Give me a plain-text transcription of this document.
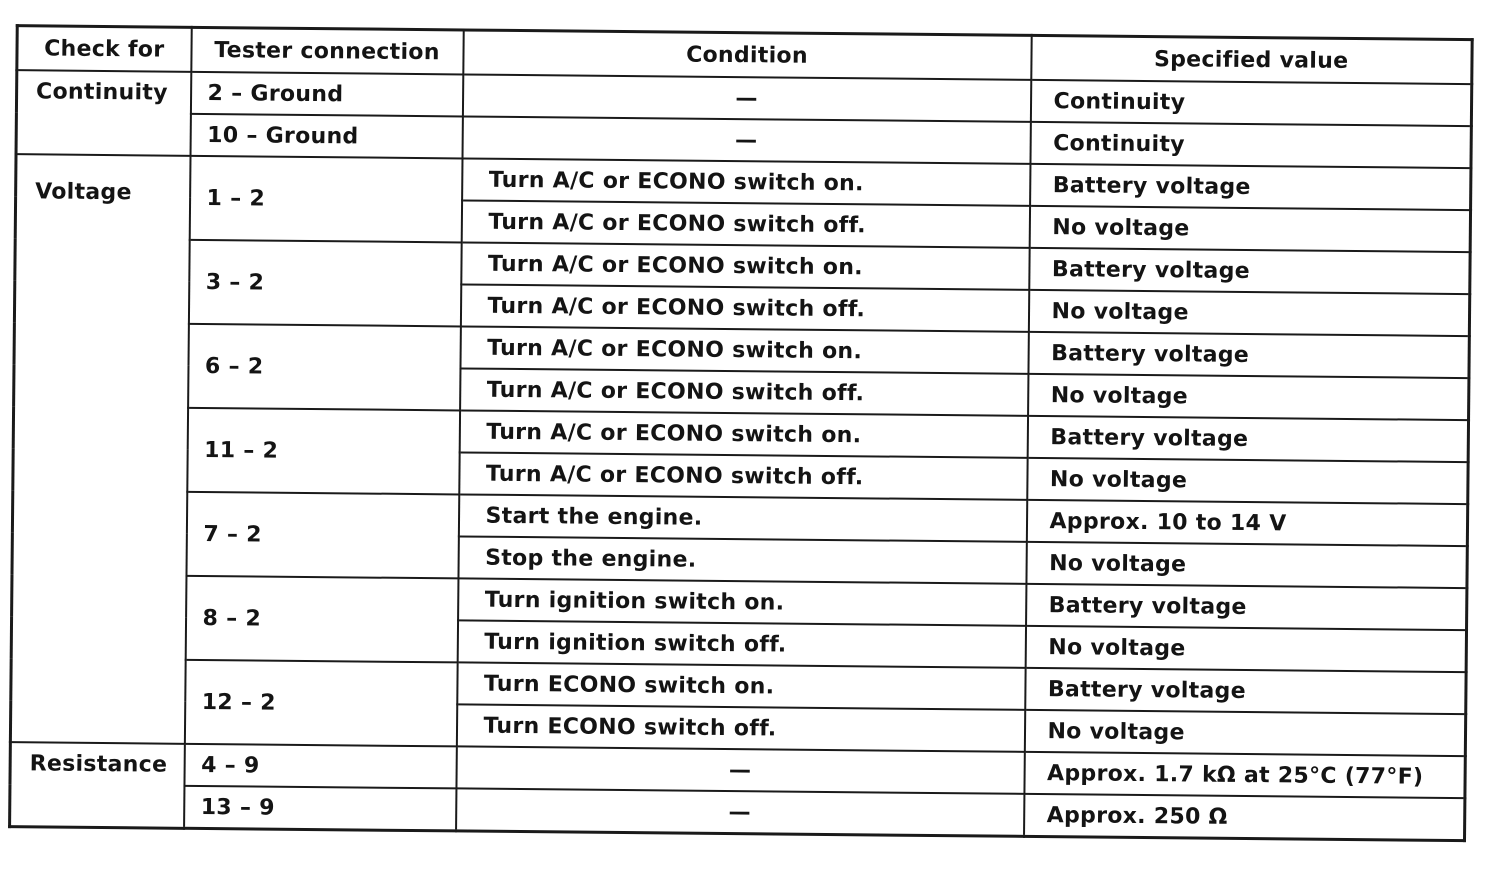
Check for	Tester connection	Condition	Specified value
Continuity	2 – Ground	—	Continuity
	10 – Ground	—	Continuity
Voltage	1 – 2	Turn A/C or ECONO switch on.	Battery voltage
		Turn A/C or ECONO switch off.	No voltage
	3 – 2	Turn A/C or ECONO switch on.	Battery voltage
		Turn A/C or ECONO switch off.	No voltage
	6 – 2	Turn A/C or ECONO switch on.	Battery voltage
		Turn A/C or ECONO switch off.	No voltage
	11 – 2	Turn A/C or ECONO switch on.	Battery voltage
		Turn A/C or ECONO switch off.	No voltage
	7 – 2	Start the engine.	Approx. 10 to 14 V
		Stop the engine.	No voltage
	8 – 2	Turn ignition switch on.	Battery voltage
		Turn ignition switch off.	No voltage
	12 – 2	Turn ECONO switch on.	Battery voltage
		Turn ECONO switch off.	No voltage
Resistance	4 – 9	—	Approx. 1.7 kΩ at 25°C (77°F)
	13 – 9	—	Approx. 250 Ω
